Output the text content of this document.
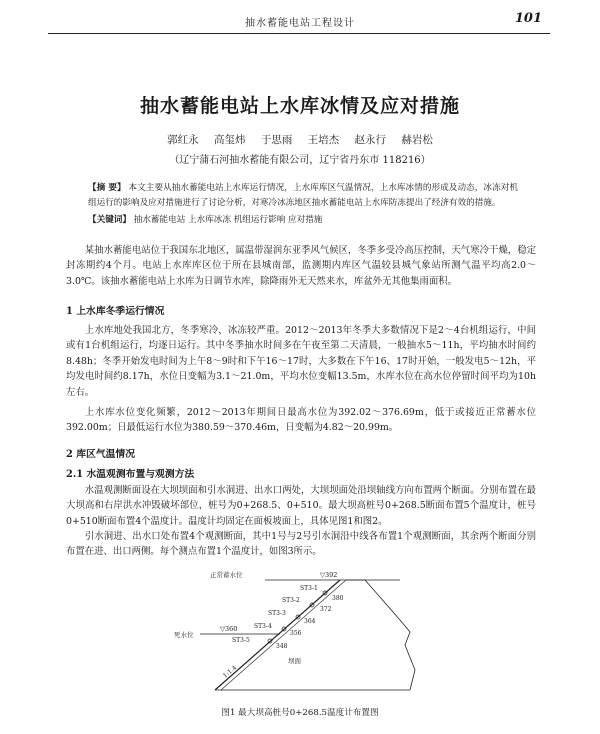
抽水蓄能电站工程设计	101
抽水蓄能电站上水库冰情及应对措施
郭红永 高玺炜 于思雨 王培杰 赵永行 赫岩松
（辽宁蒲石河抽水蓄能有限公司，辽宁省丹东市 118216）
【摘 要】 本文主要从抽水蓄能电站上水库运行情况，上水库库区气温情况，上水库冰情的形成及动态，冰冻对机组运行的影响及应对措施进行了讨论分析，对寒冷冰冻地区抽水蓄能电站上水库防冻提出了经济有效的措施。
【关键词】 抽水蓄能电站 上水库冰冻 机组运行影响 应对措施
某抽水蓄能电站位于我国东北地区，属温带湿润东亚季风气候区，冬季多受冷高压控制，天气寒冷干燥，稳定封冻期约4个月。电站上水库库区位于所在县城南部，监测期内库区气温较县城气象站所测气温平均高2.0～3.0℃。该抽水蓄能电站上水库为日调节水库，除降雨外无天然来水，库盆外无其他集雨面积。
1 上水库冬季运行情况
上水库地处我国北方，冬季寒冷，冰冻较严重。2012～2013年冬季大多数情况下是2～4台机组运行，中间或有1台机组运行，均逐日运行。其中冬季抽水时间多在午夜至第二天清晨，一般抽水5～11h，平均抽水时间约8.48h；冬季开始发电时间为上午8～9时和下午16～17时，大多数在下午16、17时开始，一般发电5～12h，平均发电时间约8.17h，水位日变幅为3.1～21.0m，平均水位变幅13.5m，水库水位在高水位停留时间平均为10h左右。
上水库水位变化频繁，2012～2013年期间日最高水位为392.02～376.69m，低于或接近正常蓄水位392.00m；日最低运行水位为380.59～370.46m，日变幅为4.82～20.99m。
2 库区气温情况
2.1 水温观测布置与观测方法
水温观测断面设在大坝坝面和引水洞进、出水口两处，大坝坝面处沿坝轴线方向布置两个断面。分别布置在最大坝高和右岸洪水冲毁破坏部位，桩号为0+268.5、0+510。最大坝高桩号0+268.5断面布置5个温度计，桩号0+510断面布置4个温度计。温度计均固定在面板坡面上，具体见图1和图2。
引水洞进、出水口处布置4个观测断面，其中1号与2号引水洞沿中线各布置1个观测断面，其余两个断面分别布置在进、出口两侧。每个测点布置1个温度计，如图3所示。
正常蓄水位	▽392
坝面
死水位
▽360
1:1.4
ST3-1
380
ST3-2
372
ST3-3
364
ST3-4
356
ST3-5
348
图1 最大坝高桩号0+268.5温度计布置图
